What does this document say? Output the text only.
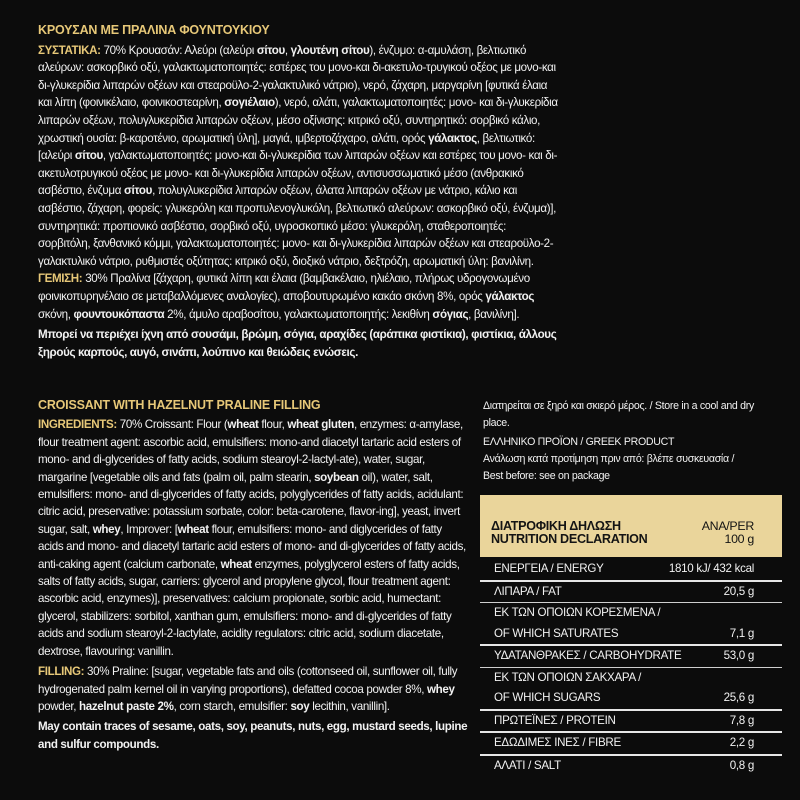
ΚΡΟΥΣΑΝ ΜΕ ΠΡΑΛΙΝΑ ΦΟΥΝΤΟΥΚΙΟΥ

ΣΥΣΤΑΤΙΚΑ: 70% Κρουασάν: Αλεύρι (αλεύρι σίτου, γλουτένη σίτου), ένζυμο: α-αμυλάση, βελτιωτικό αλεύρων: ασκορβικό οξύ, γαλακτωματοποιητές: εστέρες του μονο-και δι-ακετυλο-τρυγικού οξέος με μονο-και δι-γλυκερίδια λιπαρών οξέων και στεαροϋλο-2-γαλακτυλικό νάτριο), νερό, ζάχαρη, μαργαρίνη [φυτικά έλαια και λίπη (φοινικέλαιο, φοινικοστεαρίνη, σογιέλαιο), νερό, αλάτι, γαλακτωματοποιητές: μονο- και δι-γλυκερίδια λιπαρών οξέων, πολυγλυκερίδια λιπαρών οξέων, μέσο οξίνισης: κιτρικό οξύ, συντηρητικό: σορβικό κάλιο, χρωστική ουσία: β-καροτένιο, αρωματική ύλη], μαγιά, ιμβερτοζάχαρο, αλάτι, ορός γάλακτος, βελτιωτικό: [αλεύρι σίτου, γαλακτωματοποιητές: μονο-και δι-γλυκερίδια των λιπαρών οξέων και εστέρες του μονο- και δι-ακετυλοτρυγικού οξέος με μονο- και δι-γλυκερίδια λιπαρών οξέων, αντισυσσωματικό μέσο (ανθρακικό ασβέστιο, ένζυμα σίτου, πολυγλυκερίδια λιπαρών οξέων, άλατα λιπαρών οξέων με νάτριο, κάλιο και ασβέστιο, ζάχαρη, φορείς: γλυκερόλη και προπυλενογλυκόλη, βελτιωτικό αλεύρων: ασκορβικό οξύ, ένζυμα)], συντηρητικά: προπιονικό ασβέστιο, σορβικό οξύ, υγροσκοπικό μέσο: γλυκερόλη, σταθεροποιητές: σορβιτόλη, ξανθανικό κόμμι, γαλακτωματοποιητές: μονο- και δι-γλυκερίδια λιπαρών οξέων και στεαροϋλο-2-γαλακτυλικό νάτριο, ρυθμιστές οξύτητας: κιτρικό οξύ, διοξικό νάτριο, δεξτρόζη, αρωματική ύλη: βανιλίνη.

ΓΕΜΙΣΗ: 30% Πραλίνα [ζάχαρη, φυτικά λίπη και έλαια (βαμβακέλαιο, ηλιέλαιο, πλήρως υδρογονωμένο φοινικοπυρηνέλαιο σε μεταβαλλόμενες αναλογίες), αποβουτυρωμένο κακάο σκόνη 8%, ορός γάλακτος σκόνη, φουντουκόπαστα 2%, άμυλο αραβοσίτου, γαλακτωματοποιητής: λεκιθίνη σόγιας, βανιλίνη].

Μπορεί να περιέχει ίχνη από σουσάμι, βρώμη, σόγια, αραχίδες (αράπικα φιστίκια), φιστίκια, άλλους ξηρούς καρπούς, αυγό, σινάπι, λούπινο και θειώδεις ενώσεις.

CROISSANT WITH HAZELNUT PRALINE FILLING

INGREDIENTS: 70% Croissant: Flour (wheat flour, wheat gluten, enzymes: α-amylase, flour treatment agent: ascorbic acid, emulsifiers: mono-and diacetyl tartaric acid esters of mono- and di-glycerides of fatty acids, sodium stearoyl-2-lactyl-ate), water, sugar, margarine [vegetable oils and fats (palm oil, palm stearin, soybean oil), water, salt, emulsifiers: mono- and di-glycerides of fatty acids, polyglycerides of fatty acids, acidulant: citric acid, preservative: potassium sorbate, color: beta-carotene, flavor-ing], yeast, invert sugar, salt, whey, Improver: [wheat flour, emulsifiers: mono- and diglycerides of fatty acids and mono- and diacetyl tartaric acid esters of mono- and di-glycerides of fatty acids, anti-caking agent (calcium carbonate, wheat enzymes, polyglycerol esters of fatty acids, salts of fatty acids, sugar, carriers: glycerol and propylene glycol, flour treatment agent: ascorbic acid, enzymes)], preservatives: calcium propionate, sorbic acid, humectant: glycerol, stabilizers: sorbitol, xanthan gum, emulsifiers: mono- and di-glycerides of fatty acids and sodium stearoyl-2-lactylate, acidity regulators: citric acid, sodium diacetate, dextrose, flavouring: vanillin.

FILLING: 30% Praline: [sugar, vegetable fats and oils (cottonseed oil, sunflower oil, fully hydrogenated palm kernel oil in varying proportions), defatted cocoa powder 8%, whey powder, hazelnut paste 2%, corn starch, emulsifier: soy lecithin, vanillin].

May contain traces of sesame, oats, soy, peanuts, nuts, egg, mustard seeds, lupine and sulfur compounds.

Διατηρείται σε ξηρό και σκιερό μέρος. / Store in a cool and dry place.

ΕΛΛΗΝΙΚΟ ΠΡΟΪΟΝ / GREEK PRODUCT

Ανάλωση κατά προτίμηση πριν από: βλέπε συσκευασία /

Best before: see on package

ΔΙΑΤΡΟΦΙΚΗ ΔΗΛΩΣΗ
NUTRITION DECLARATION
ΑΝΑ/PER
100 g
ΕΝΕΡΓΕΙΑ / ENERGY	1810 kJ/ 432 kcal
ΛΙΠΑΡΑ / FAT	20,5 g
ΕΚ ΤΩΝ ΟΠΟΙΩΝ ΚΟΡΕΣΜΕΝΑ /
OF WHICH SATURATES	7,1 g
ΥΔΑΤΑΝΘΡΑΚΕΣ / CARBOHYDRATE	53,0 g
ΕΚ ΤΩΝ ΟΠΟΙΩΝ ΣΑΚΧΑΡΑ /
OF WHICH SUGARS	25,6 g
ΠΡΩΤΕΪΝΕΣ / PROTEIN	7,8 g
ΕΔΩΔΙΜΕΣ ΙΝΕΣ / FIBRE	2,2 g
ΑΛΑΤΙ / SALT	0,8 g
